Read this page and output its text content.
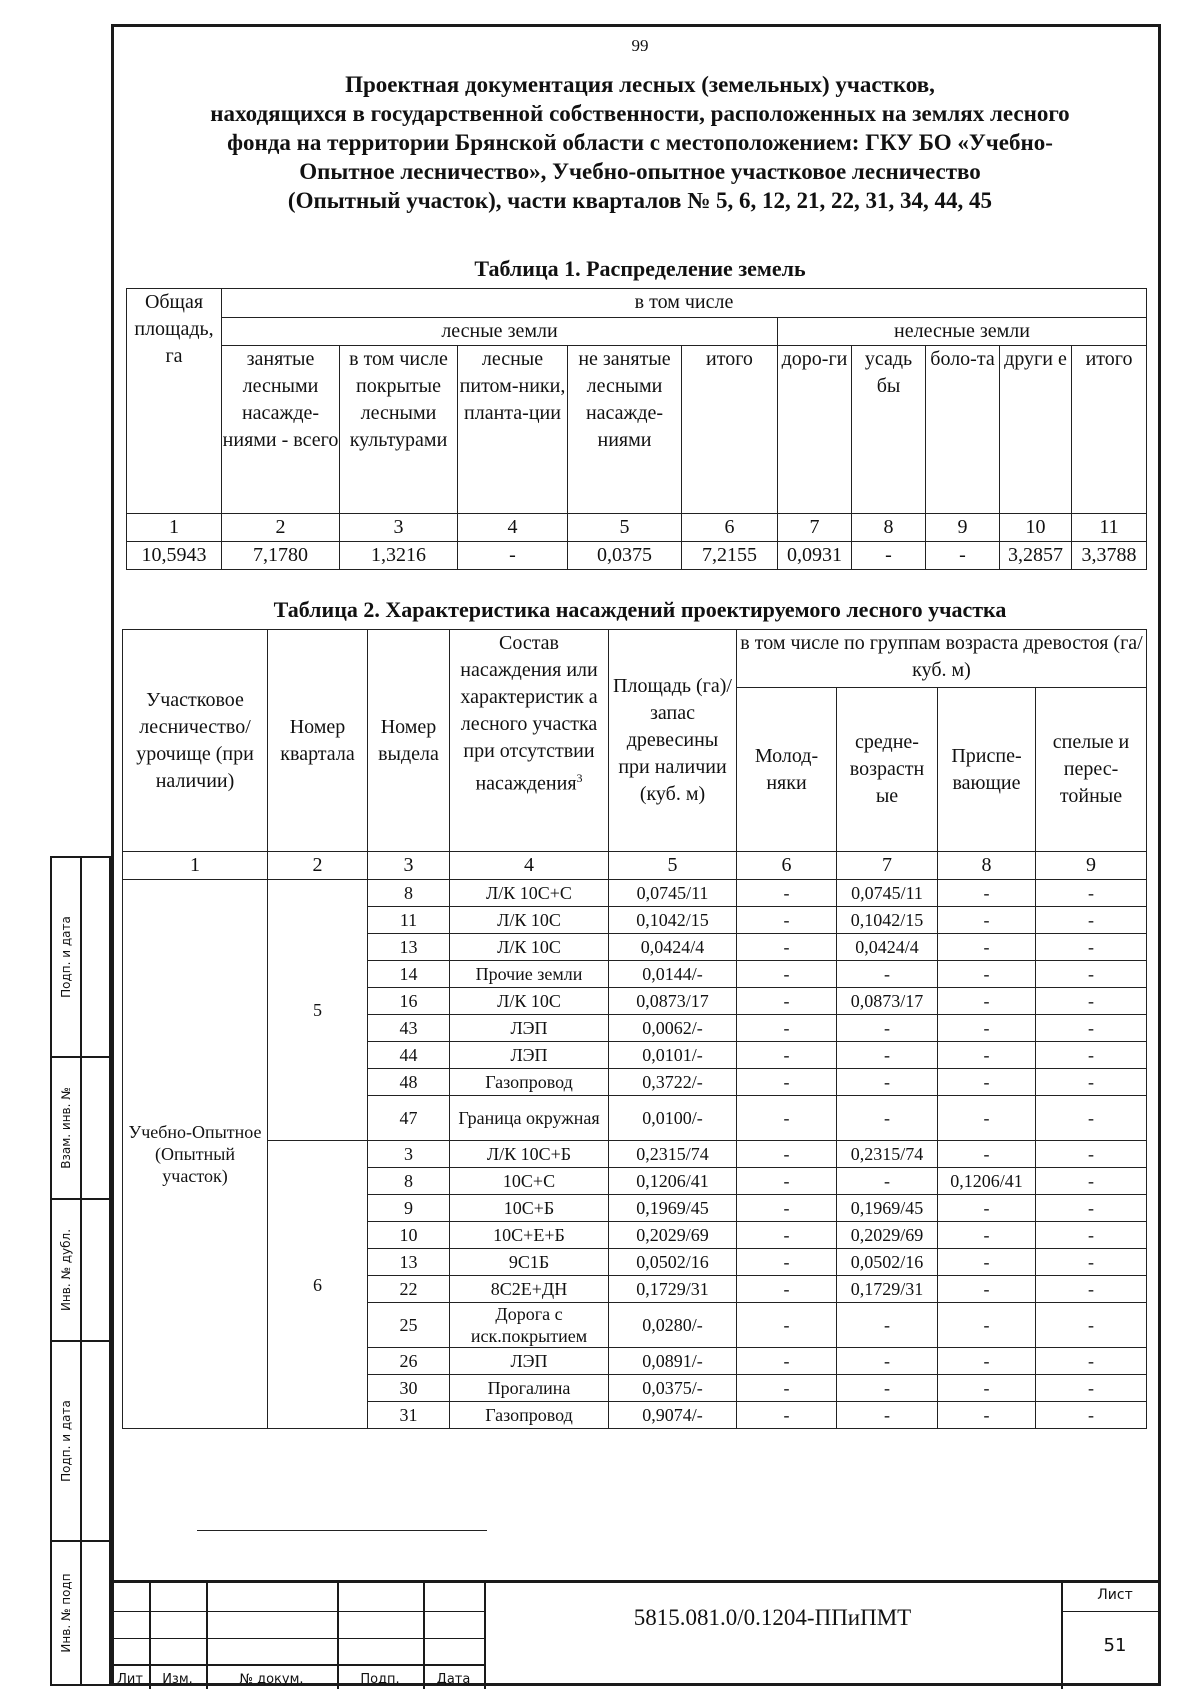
99
Проектная документация лесных (земельных) участков,
находящихся в государственной собственности, расположенных на землях лесного
фонда на территории Брянской области с местоположением: ГКУ БО «Учебно-
Опытное лесничество», Учебно-опытное участковое лесничество
(Опытный участок), части кварталов № 5, 6, 12, 21, 22, 31, 34, 44, 45
Таблица 1. Распределение земель
Общая площадь, га	в том числе									
	лесные земли					нелесные земли				
	занятые лесными насажде-ниями - всего	в том числе покрытые лесными культурами	лесные питом-ники, планта-ции	не занятые лесными насажде-ниями	итого	доро-ги	усадь бы	боло-та	други е	итого
1	2	3	4	5	6	7	8	9	10	11
10,5943	7,1780	1,3216	-	0,0375	7,2155	0,0931	-	-	3,2857	3,3788
Таблица 2. Характеристика насаждений проектируемого лесного участка
Участковое лесничество/ урочище (при наличии)	Номер квартала	Номер выдела	Состав насаждения или характеристик а лесного участка при отсутствии насаждения$^3$	Площадь (га)/ запас древесины при наличии (куб. м)	в том числе по группам возраста древостоя (га/куб. м)			
					Молод-няки	средне-возрастн ые	Приспе-вающие	спелые и перес-тойные
1	2	3	4	5	6	7	8	9
Учебно-Опытное (Опытный участок)	5	8	Л/К 10С+С	0,0745/11	-	0,0745/11	-	-
		11	Л/К 10С	0,1042/15	-	0,1042/15	-	-
		13	Л/К 10С	0,0424/4	-	0,0424/4	-	-
		14	Прочие земли	0,0144/-	-	-	-	-
		16	Л/К 10С	0,0873/17	-	0,0873/17	-	-
		43	ЛЭП	0,0062/-	-	-	-	-
		44	ЛЭП	0,0101/-	-	-	-	-
		48	Газопровод	0,3722/-	-	-	-	-
		47	Граница окружная	0,0100/-	-	-	-	-
	6	3	Л/К 10С+Б	0,2315/74	-	0,2315/74	-	-
		8	10С+С	0,1206/41	-	-	0,1206/41	-
		9	10С+Б	0,1969/45	-	0,1969/45	-	-
		10	10С+Е+Б	0,2029/69	-	0,2029/69	-	-
		13	9С1Б	0,0502/16	-	0,0502/16	-	-
		22	8С2Е+ДН	0,1729/31	-	0,1729/31	-	-
		25	Дорога с иск.покрытием	0,0280/-	-	-	-	-
		26	ЛЭП	0,0891/-	-	-	-	-
		30	Прогалина	0,0375/-	-	-	-	-
		31	Газопровод	0,9074/-	-	-	-	-
Подп. и дата
Взам. инв. №
Инв. № дубл.
Подп. и дата
Инв. № подп
Лит	Изм.	№ докум.	Подп.	Дата
5815.081.0/0.1204-ППиПМТ
Лист
51
